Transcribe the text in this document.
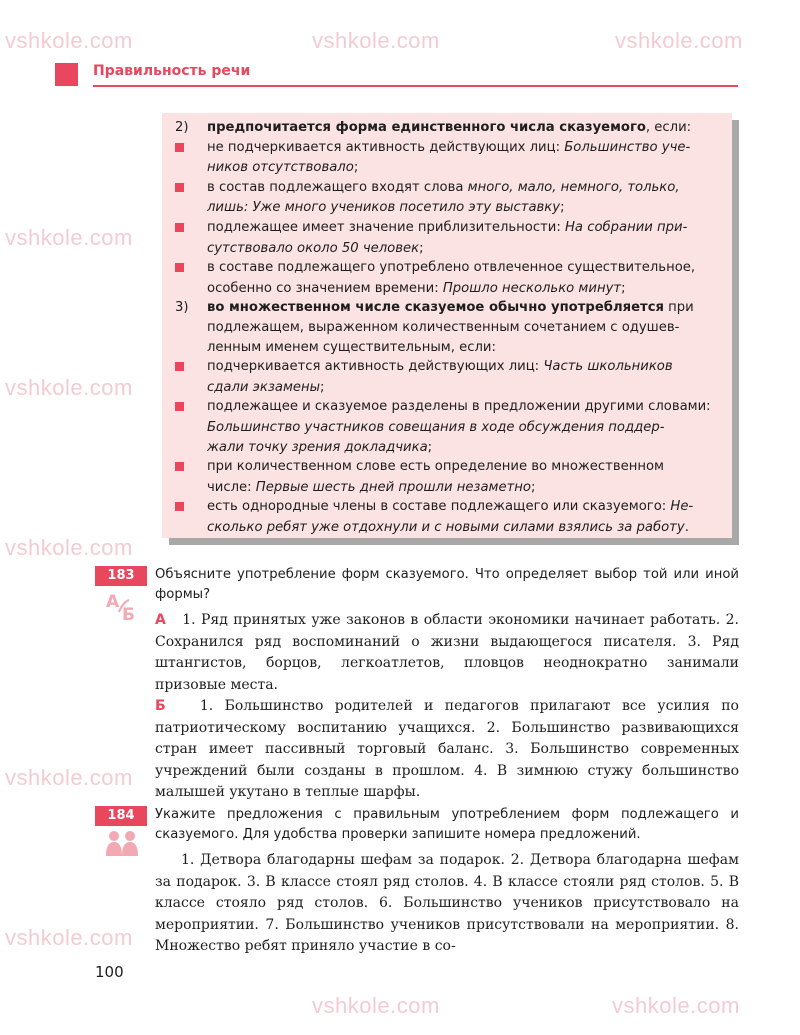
vshkole.com	vshkole.com	vshkole.com
vshkole.com
vshkole.com
vshkole.com
vshkole.com
vshkole.com
vshkole.com	vshkole.com
Правильность речи
2)	предпочитается форма единственного числа сказуемого, если:
не подчеркивается активность действующих лиц: Большинство уче-
ников отсутствовало;
в состав подлежащего входят слова много, мало, немного, только,
лишь: Уже много учеников посетило эту выставку;
подлежащее имеет значение приблизительности: На собрании при-
сутствовало около 50 человек;
в составе подлежащего употреблено отвлеченное существительное,
особенно со значением времени: Прошло несколько минут;
3)	во множественном числе сказуемое обычно употребляется при
подлежащем, выраженном количественным сочетанием с одушев-
ленным именем существительным, если:
подчеркивается активность действующих лиц: Часть школьников
сдали экзамены;
подлежащее и сказуемое разделены в предложении другими словами:
Большинство участников совещания в ходе обсуждения поддер-
жали точку зрения докладчика;
при количественном слове есть определение во множественном
числе: Первые шесть дней прошли незаметно;
есть однородные члены в составе подлежащего или сказуемого: Не-
сколько ребят уже отдохнули и с новыми силами взялись за работу.
183
А
Б
Объясните употребление форм сказуемого. Что определяет выбор той или иной формы?
А 1. Ряд принятых уже законов в области экономики начинает работать. 2. Сохранился ряд воспоминаний о жизни выдающегося писателя. 3. Ряд штангистов, борцов, легкоатлетов, пловцов неоднократно занимали призовые места.
Б 1. Большинство родителей и педагогов прилагают все усилия по патриотическому воспитанию учащихся. 2. Большинство развивающихся стран имеет пассивный торговый баланс. 3. Большинство современных учреждений были созданы в прошлом. 4. В зимнюю стужу большинство малышей укутано в теплые шарфы.
184	Укажите предложения с правильным употреблением форм подлежащего и сказуемого. Для удобства проверки запишите номера предложений.
1. Детвора благодарны шефам за подарок. 2. Детвора благодарна шефам за подарок. 3. В классе стоял ряд столов. 4. В классе стояли ряд столов. 5. В классе стояло ряд столов. 6. Большинство учеников присутствовало на мероприятии. 7. Большинство учеников присутствовали на мероприятии. 8. Множество ребят приняло участие в со-
100
